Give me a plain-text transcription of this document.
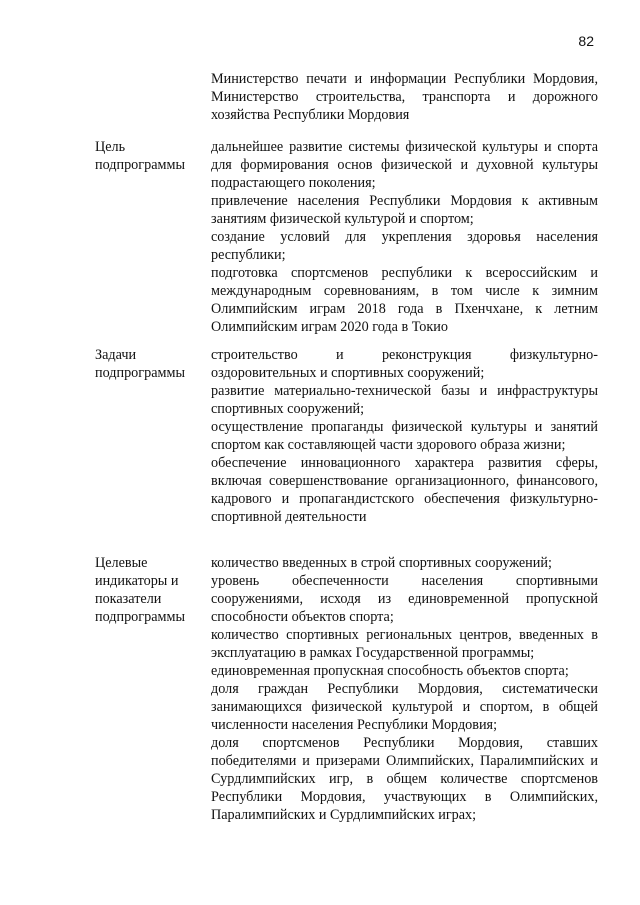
82
Министерство печати и информации Республики Мордовия, Министерство строительства, транспорта и дорожного хозяйства Республики Мордовия
Цель подпрограммы

дальнейшее развитие системы физической культуры и спорта для формирования основ физической и духовной культуры подрастающего поколения;

привлечение населения Республики Мордовия к активным занятиям физической культурой и спортом;

создание условий для укрепления здоровья населения республики;

подготовка спортсменов республики к всероссийским и международным соревнованиям, в том числе к зимним Олимпийским играм 2018 года в Пхенчхане, к летним Олимпийским играм 2020 года в Токио

Задачи подпрограммы

строительство и реконструкция физкультурно-оздоровительных и спортивных сооружений;

развитие материально-технической базы и инфраструктуры спортивных сооружений;

осуществление пропаганды физической культуры и занятий спортом как составляющей части здорового образа жизни;

обеспечение инновационного характера развития сферы, включая совершенствование организационного, финансового, кадрового и пропагандистского обеспечения физкультурно-спортивной деятельности

Целевые индикаторы и показатели подпрограммы

количество введенных в строй спортивных сооружений;

уровень обеспеченности населения спортивными сооружениями, исходя из единовременной пропускной способности объектов спорта;

количество спортивных региональных центров, введенных в эксплуатацию в рамках Государственной программы;

единовременная пропускная способность объектов спорта;

доля граждан Республики Мордовия, систематически занимающихся физической культурой и спортом, в общей численности населения Республики Мордовия;

доля спортсменов Республики Мордовия, ставших победителями и призерами Олимпийских, Паралимпийских и Сурдлимпийских игр, в общем количестве спортсменов Республики Мордовия, участвующих в Олимпийских, Паралимпийских и Сурдлимпийских играх;
